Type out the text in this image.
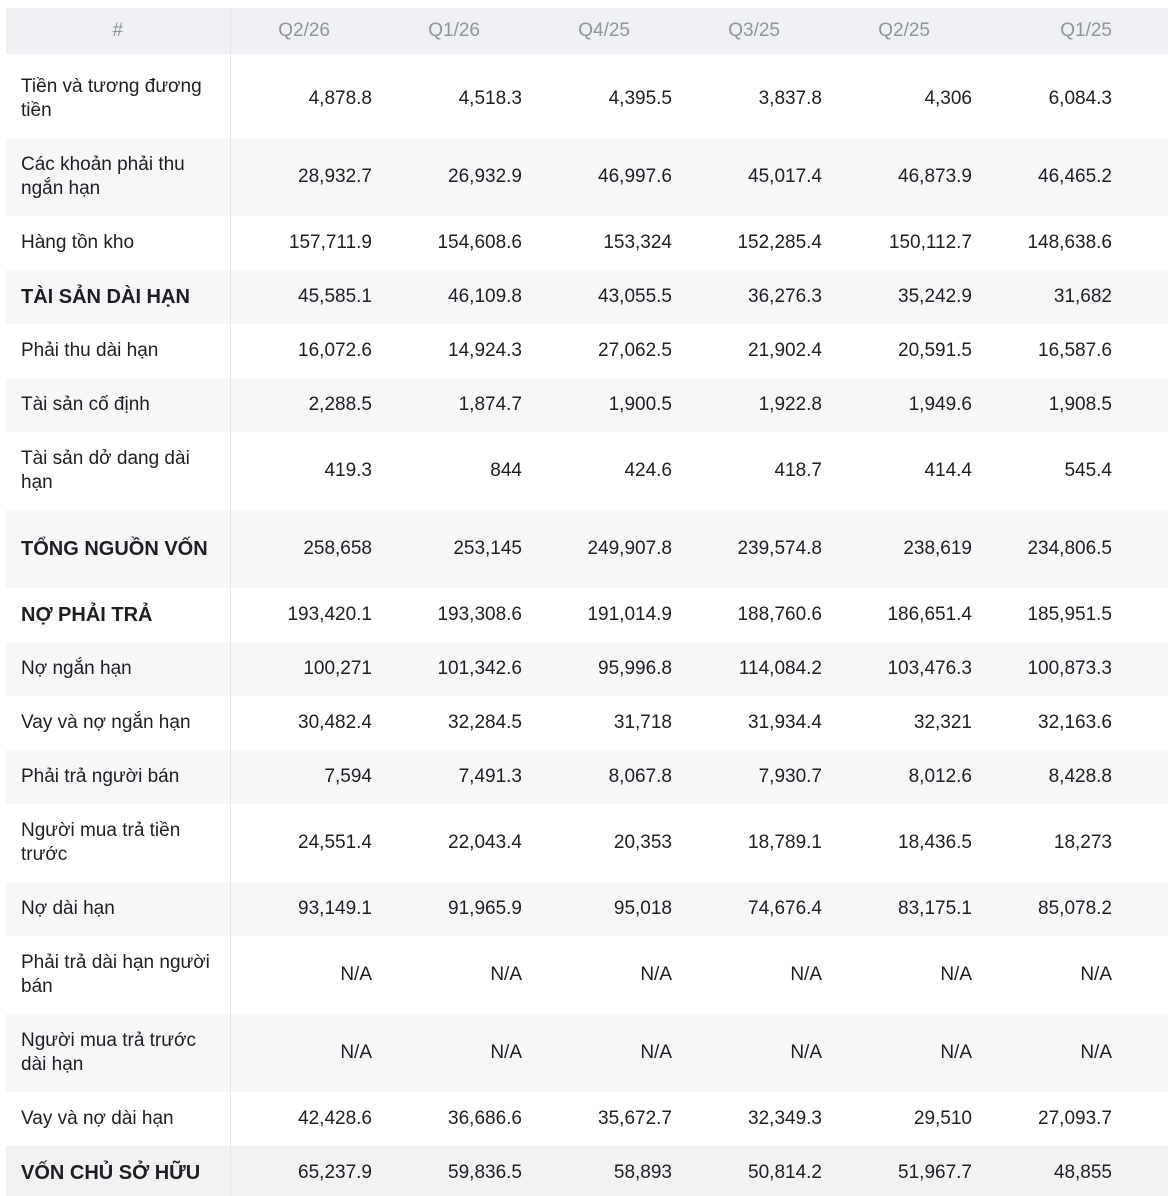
#	Q2/26	Q1/26	Q4/25	Q3/25	Q2/25	Q1/25

Tiền và tương đương tiền	4,878.8	4,518.3	4,395.5	3,837.8	4,306	6,084.3
Các khoản phải thu ngắn hạn	28,932.7	26,932.9	46,997.6	45,017.4	46,873.9	46,465.2
Hàng tồn kho	157,711.9	154,608.6	153,324	152,285.4	150,112.7	148,638.6
TÀI SẢN DÀI HẠN	45,585.1	46,109.8	43,055.5	36,276.3	35,242.9	31,682
Phải thu dài hạn	16,072.6	14,924.3	27,062.5	21,902.4	20,591.5	16,587.6
Tài sản cố định	2,288.5	1,874.7	1,900.5	1,922.8	1,949.6	1,908.5
Tài sản dở dang dài hạn	419.3	844	424.6	418.7	414.4	545.4
TỔNG NGUỒN VỐN	258,658	253,145	249,907.8	239,574.8	238,619	234,806.5
NỢ PHẢI TRẢ	193,420.1	193,308.6	191,014.9	188,760.6	186,651.4	185,951.5
Nợ ngắn hạn	100,271	101,342.6	95,996.8	114,084.2	103,476.3	100,873.3
Vay và nợ ngắn hạn	30,482.4	32,284.5	31,718	31,934.4	32,321	32,163.6
Phải trả người bán	7,594	7,491.3	8,067.8	7,930.7	8,012.6	8,428.8
Người mua trả tiền trước	24,551.4	22,043.4	20,353	18,789.1	18,436.5	18,273
Nợ dài hạn	93,149.1	91,965.9	95,018	74,676.4	83,175.1	85,078.2
Phải trả dài hạn người bán	N/A	N/A	N/A	N/A	N/A	N/A
Người mua trả trước dài hạn	N/A	N/A	N/A	N/A	N/A	N/A
Vay và nợ dài hạn	42,428.6	36,686.6	35,672.7	32,349.3	29,510	27,093.7
VỐN CHỦ SỞ HỮU	65,237.9	59,836.5	58,893	50,814.2	51,967.7	48,855
